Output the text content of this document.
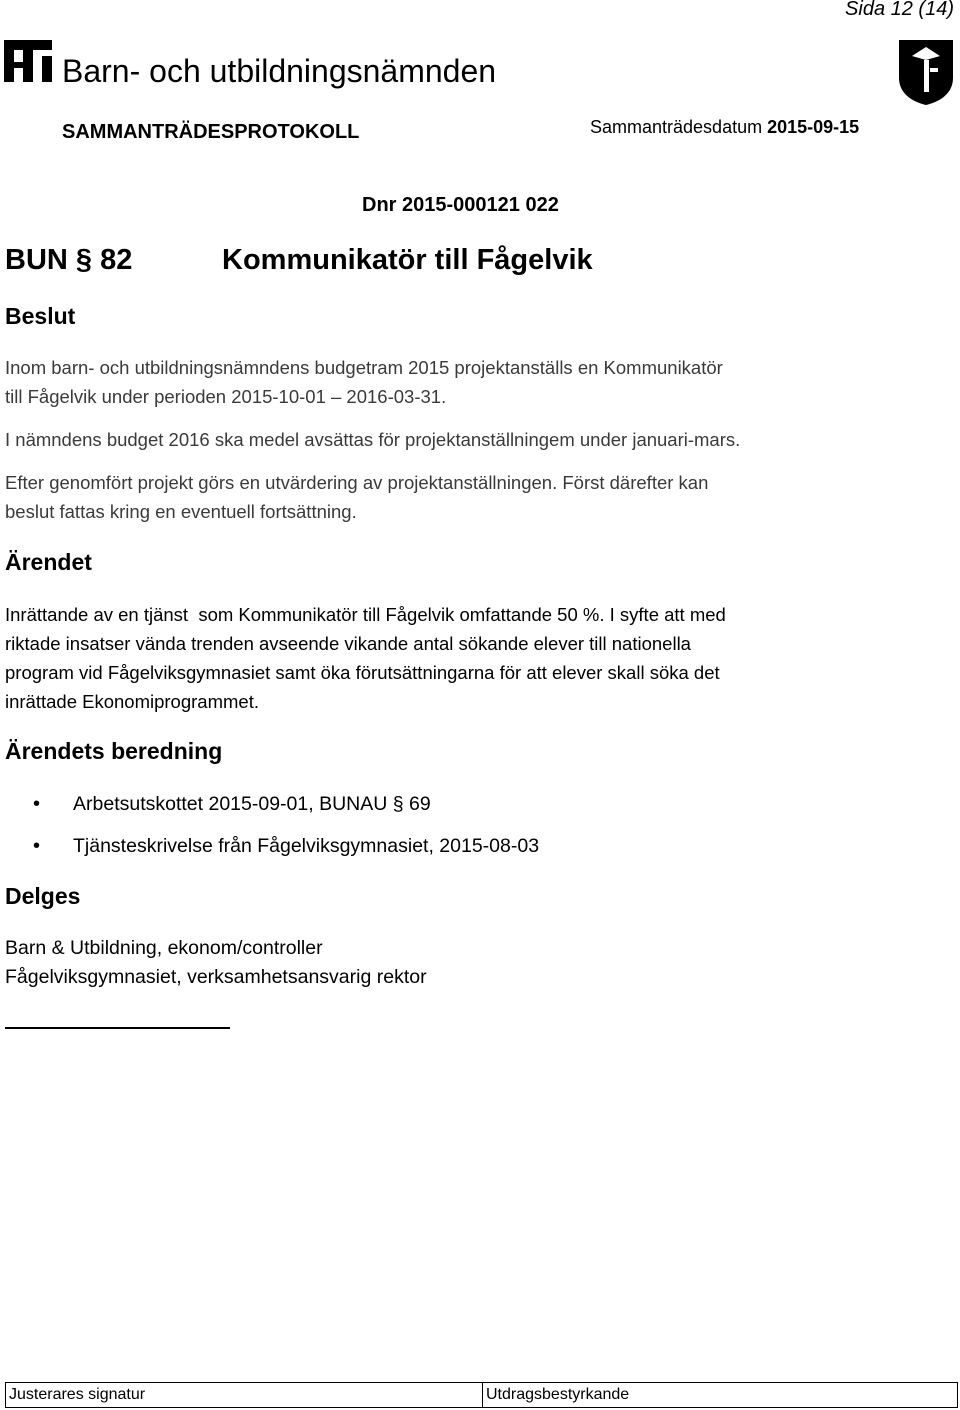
Sida 12 (14)
Barn- och utbildningsnämnden
SAMMANTRÄDESPROTOKOLL	Sammanträdesdatum 2015-09-15
Dnr 2015-000121 022
BUN § 82	Kommunikatör till Fågelvik
Beslut
Inom barn- och utbildningsnämndens budgetram 2015 projektanställs en Kommunikatör
till Fågelvik under perioden 2015-10-01 – 2016-03-31.
I nämndens budget 2016 ska medel avsättas för projektanställningem under januari-mars.
Efter genomfört projekt görs en utvärdering av projektanställningen. Först därefter kan
beslut fattas kring en eventuell fortsättning.
Ärendet
Inrättande av en tjänst  som Kommunikatör till Fågelvik omfattande 50 %. I syfte att med
riktade insatser vända trenden avseende vikande antal sökande elever till nationella
program vid Fågelviksgymnasiet samt öka förutsättningarna för att elever skall söka det
inrättade Ekonomiprogrammet.
Ärendets beredning
• Arbetsutskottet 2015-09-01, BUNAU § 69
• Tjänsteskrivelse från Fågelviksgymnasiet, 2015-08-03
Delges
Barn & Utbildning, ekonom/controller
Fågelviksgymnasiet, verksamhetsansvarig rektor
Justerares signatur	Utdragsbestyrkande
